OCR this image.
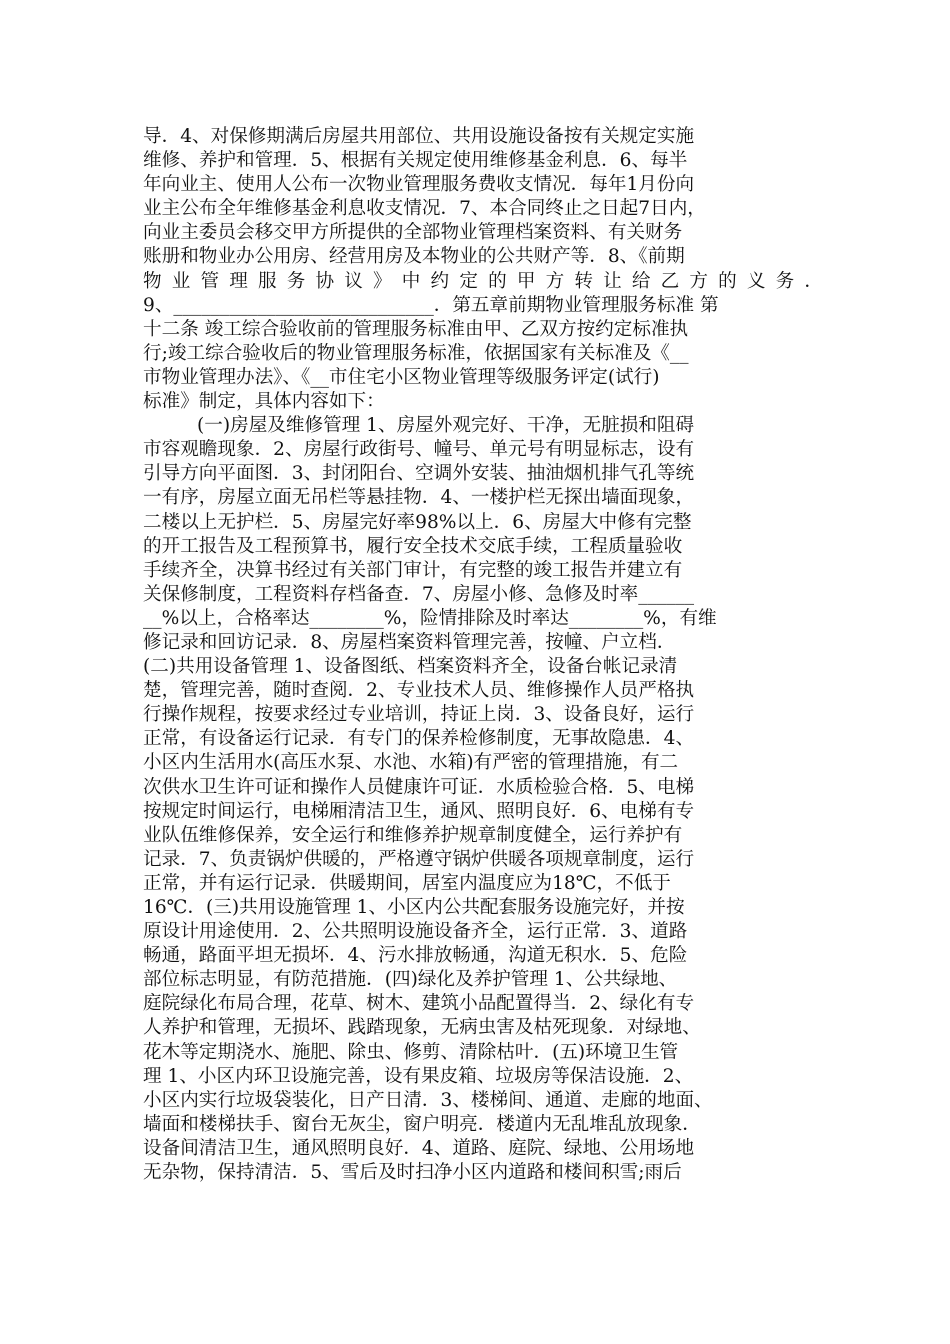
导．4、对保修期满后房屋共用部位、共用设施设备按有关规定实施
维修、养护和管理．5、根据有关规定使用维修基金利息．6、每半
年向业主、使用人公布一次物业管理服务费收支情况．每年1月份向
业主公布全年维修基金利息收支情况．7、本合同终止之日起7日内，
向业主委员会移交甲方所提供的全部物业管理档案资料、有关财务
账册和物业办公用房、经营用房及本物业的公共财产等．8、《前期
物业管理服务协议》中约定的甲方转让给乙方的义务．
9、____________________________．第五章前期物业管理服务标准 第
十二条 竣工综合验收前的管理服务标准由甲、乙双方按约定标准执
行;竣工综合验收后的物业管理服务标准，依据国家有关标准及《__
市物业管理办法》、《__市住宅小区物业管理等级服务评定(试行)
标准》制定，具体内容如下：
(一)房屋及维修管理 1、房屋外观完好、干净，无脏损和阻碍
市容观瞻现象．2、房屋行政街号、幢号、单元号有明显标志，设有
引导方向平面图．3、封闭阳台、空调外安装、抽油烟机排气孔等统
一有序，房屋立面无吊栏等悬挂物．4、一楼护栏无探出墙面现象，
二楼以上无护栏．5、房屋完好率98%以上．6、房屋大中修有完整
的开工报告及工程预算书，履行安全技术交底手续，工程质量验收
手续齐全，决算书经过有关部门审计，有完整的竣工报告并建立有
关保修制度，工程资料存档备查．7、房屋小修、急修及时率______
__%以上，合格率达________%，险情排除及时率达________%，有维
修记录和回访记录．8、房屋档案资料管理完善，按幢、户立档．
(二)共用设备管理 1、设备图纸、档案资料齐全，设备台帐记录清
楚，管理完善，随时查阅．2、专业技术人员、维修操作人员严格执
行操作规程，按要求经过专业培训，持证上岗．3、设备良好，运行
正常，有设备运行记录．有专门的保养检修制度，无事故隐患．4、
小区内生活用水(高压水泵、水池、水箱)有严密的管理措施，有二
次供水卫生许可证和操作人员健康许可证．水质检验合格．5、电梯
按规定时间运行，电梯厢清洁卫生，通风、照明良好．6、电梯有专
业队伍维修保养，安全运行和维修养护规章制度健全，运行养护有
记录．7、负责锅炉供暖的，严格遵守锅炉供暖各项规章制度，运行
正常，并有运行记录．供暖期间，居室内温度应为18℃，不低于
16℃．(三)共用设施管理 1、小区内公共配套服务设施完好，并按
原设计用途使用．2、公共照明设施设备齐全，运行正常．3、道路
畅通，路面平坦无损坏．4、污水排放畅通，沟道无积水．5、危险
部位标志明显，有防范措施．(四)绿化及养护管理 1、公共绿地、
庭院绿化布局合理，花草、树木、建筑小品配置得当．2、绿化有专
人养护和管理，无损坏、践踏现象，无病虫害及枯死现象．对绿地、
花木等定期浇水、施肥、除虫、修剪、清除枯叶．(五)环境卫生管
理 1、小区内环卫设施完善，设有果皮箱、垃圾房等保洁设施．2、
小区内实行垃圾袋装化，日产日清．3、楼梯间、通道、走廊的地面、
墙面和楼梯扶手、窗台无灰尘，窗户明亮．楼道内无乱堆乱放现象．
设备间清洁卫生，通风照明良好．4、道路、庭院、绿地、公用场地
无杂物，保持清洁．5、雪后及时扫净小区内道路和楼间积雪;雨后
